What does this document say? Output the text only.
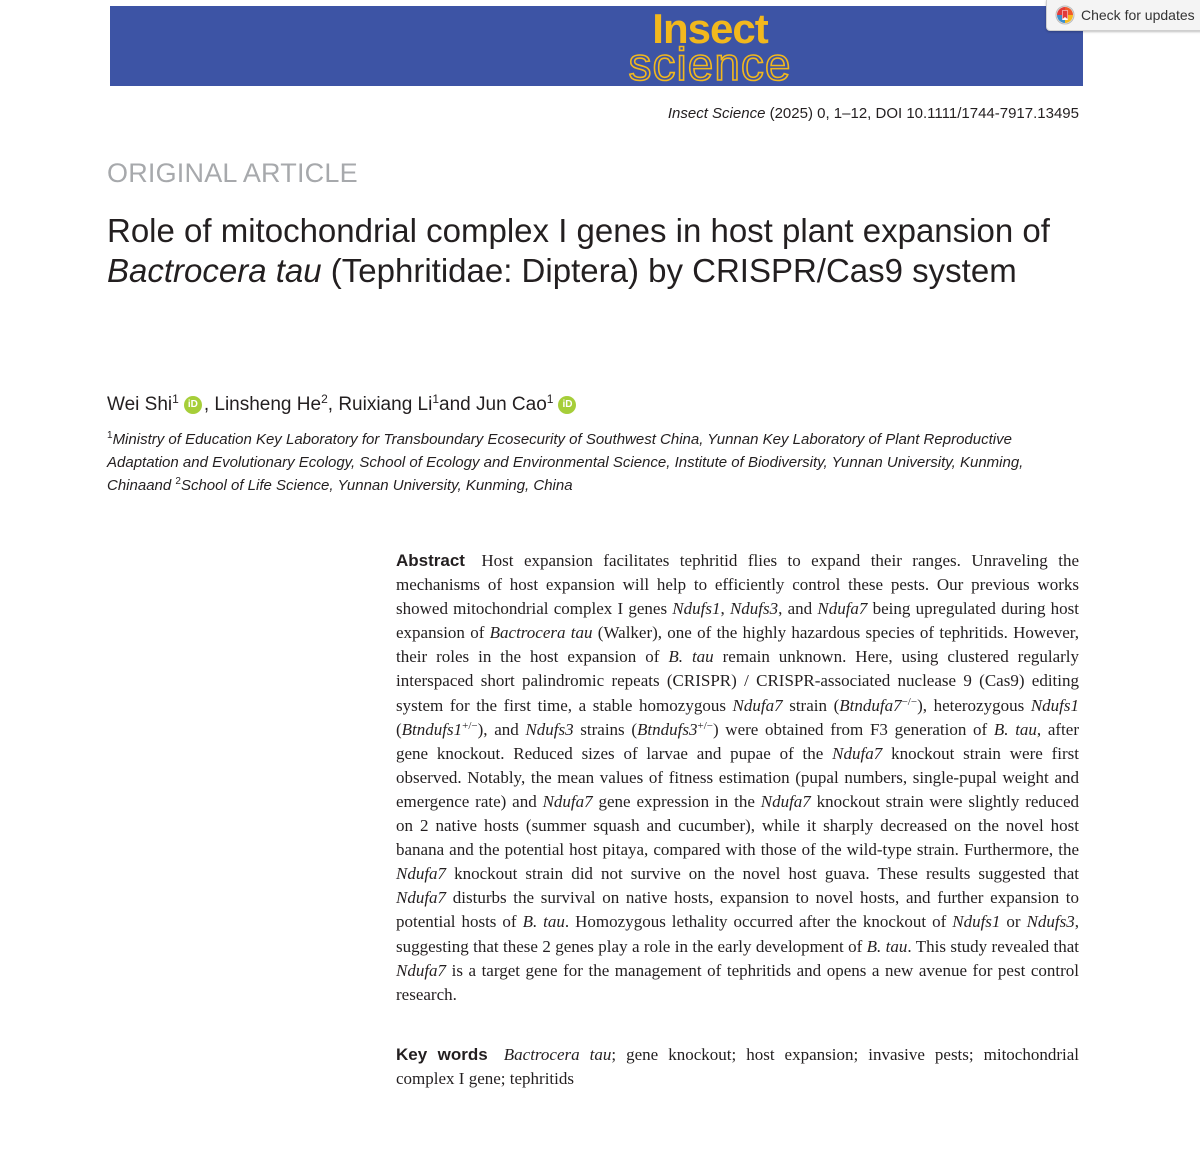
Insect
science
Check for updates
Insect Science (2025) 0, 1–12, DOI 10.1111/1744-7917.13495
ORIGINAL ARTICLE
Role of mitochondrial complex I genes in host plant expansion of Bactrocera tau (Tephritidae: Diptera) by CRISPR/Cas9 system
Wei Shi$^1$ iD ,
Linsheng He$^2$ ,
Ruixiang Li$^1$ and
Jun Cao$^1$ iD
$^1$Ministry of Education Key Laboratory for Transboundary Ecosecurity of Southwest China, Yunnan Key Laboratory of Plant Reproductive Adaptation and Evolutionary Ecology, School of Ecology and Environmental Science, Institute of Biodiversity, Yunnan University, Kunming, Chinaand $^2$School of Life Science, Yunnan University, Kunming, China

Abstract Host expansion facilitates tephritid flies to expand their ranges. Unraveling the mechanisms of host expansion will help to efficiently control these pests. Our previous works showed mitochondrial complex I genes Ndufs1, Ndufs3, and Ndufa7 being upregulated during host expansion of Bactrocera tau (Walker), one of the highly hazardous species of tephritids. However, their roles in the host expansion of B. tau remain unknown. Here, using clustered regularly interspaced short palindromic repeats (CRISPR) / CRISPR-associated nuclease 9 (Cas9) editing system for the first time, a stable homozygous Ndufa7 strain (Btndufa7−/−), heterozygous Ndufs1 (Btndufs1+/−), and Ndufs3 strains (Btndufs3+/−) were obtained from F3 generation of B. tau, after gene knockout. Reduced sizes of larvae and pupae of the Ndufa7 knockout strain were first observed. Notably, the mean values of fitness estimation (pupal numbers, single-pupal weight and emergence rate) and Ndufa7 gene expression in the Ndufa7 knockout strain were slightly reduced on 2 native hosts (summer squash and cucumber), while it sharply decreased on the novel host banana and the potential host pitaya, compared with those of the wild-type strain. Furthermore, the Ndufa7 knockout strain did not survive on the novel host guava. These results suggested that Ndufa7 disturbs the survival on native hosts, expansion to novel hosts, and further expansion to potential hosts of B. tau. Homozygous lethality occurred after the knockout of Ndufs1 or Ndufs3, suggesting that these 2 genes play a role in the early development of B. tau. This study revealed that Ndufa7 is a target gene for the management of tephritids and opens a new avenue for pest control research.

Key words Bactrocera tau; gene knockout; host expansion; invasive pests; mitochondrial complex I gene; tephritids
